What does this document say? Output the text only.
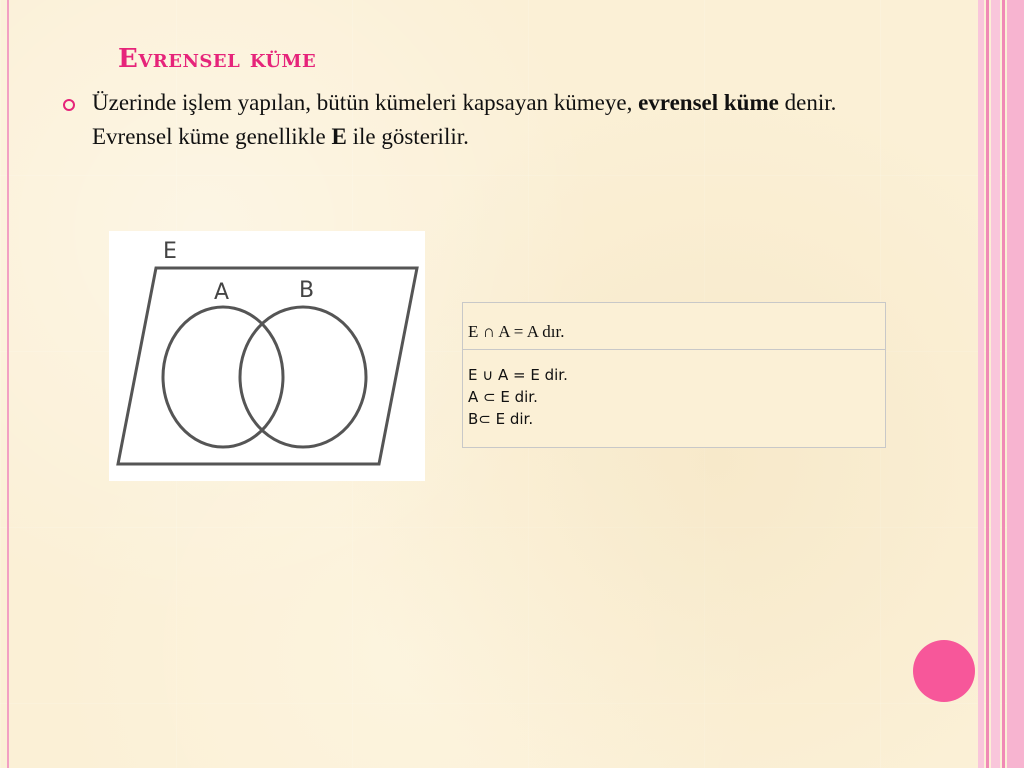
Evrensel küme
Üzerinde işlem yapılan, bütün kümeleri kapsayan kümeye, evrensel küme denir. Evrensel küme genellikle E ile gösterilir.
E
A	B
E ∩ A = A dır.
E ∪ A = E dir.
A ⊂ E dir.
B⊂ E dir.
